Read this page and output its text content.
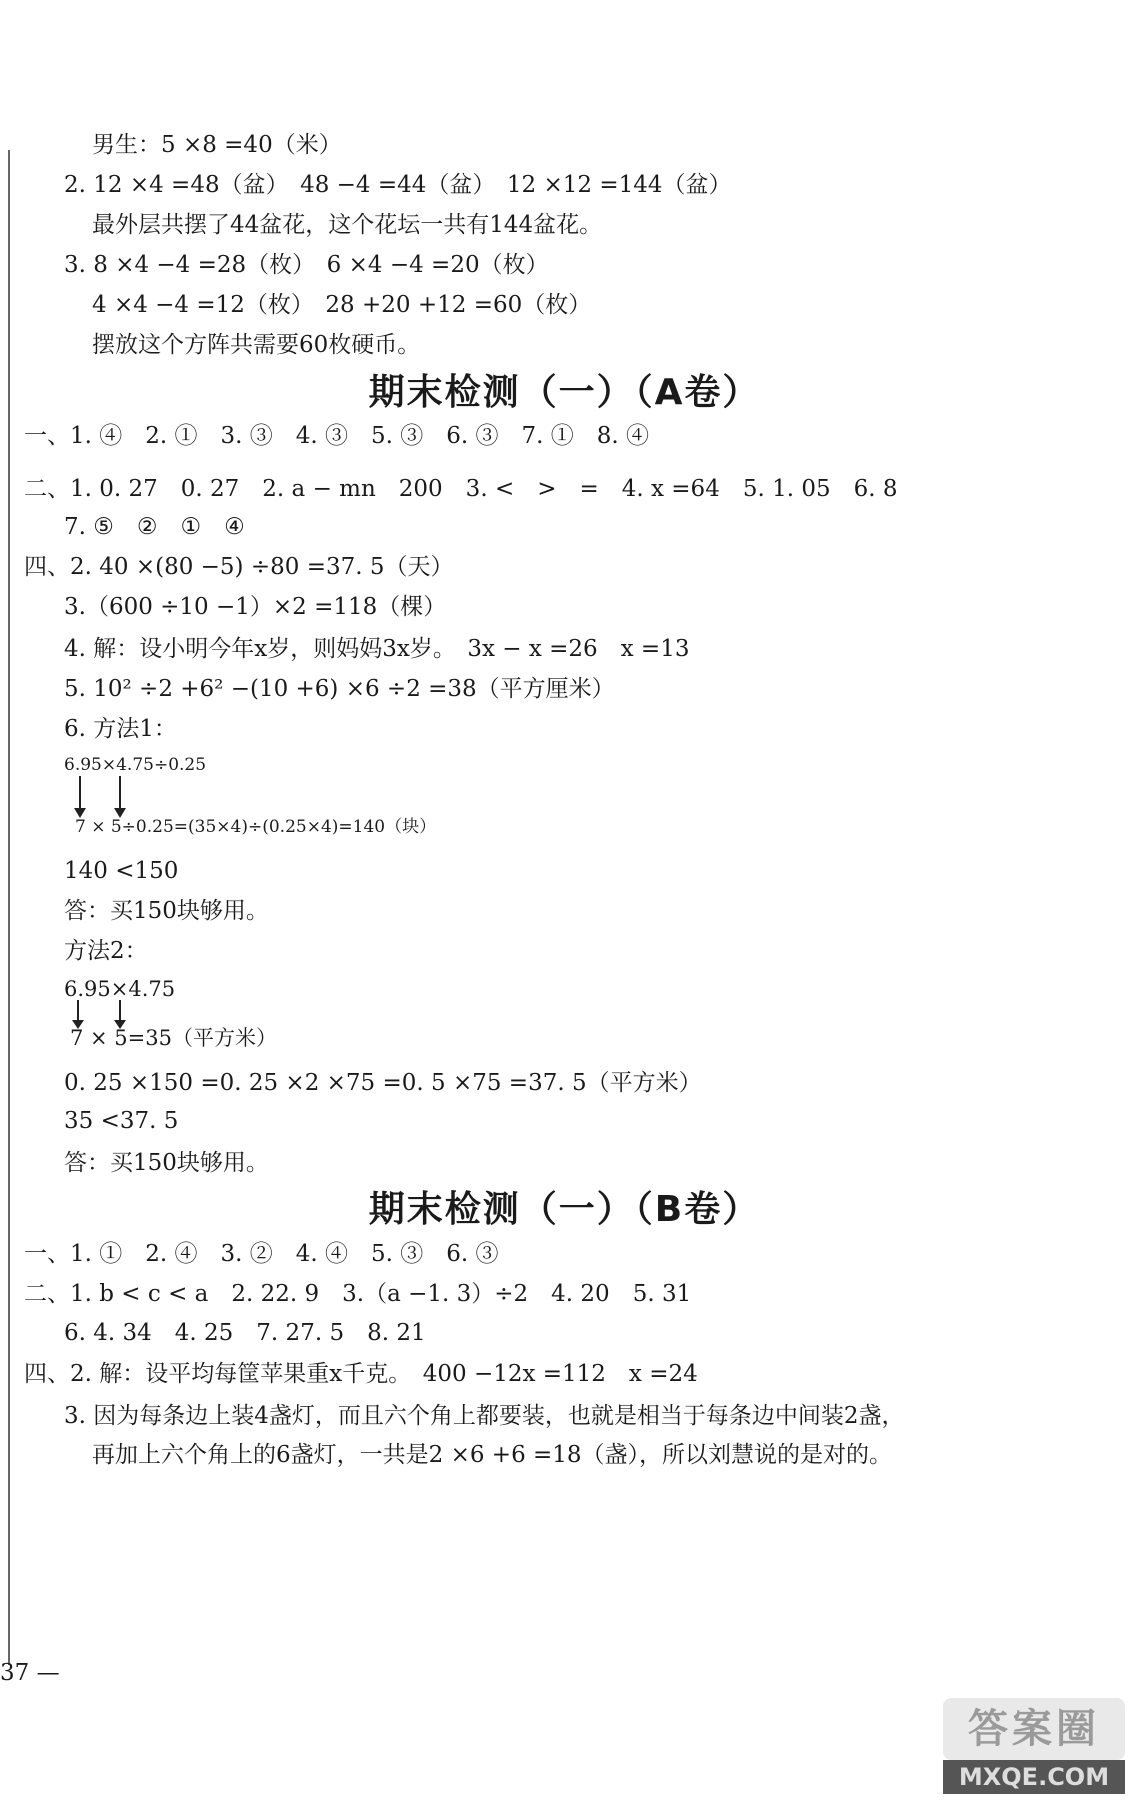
男生：5 ×8 =40（米）
2. 12 ×4 =48（盆）　48 −4 =44（盆）　12 ×12 =144（盆）
最外层共摆了44盆花，这个花坛一共有144盆花。
3. 8 ×4 −4 =28（枚）　6 ×4 −4 =20（枚）
4 ×4 −4 =12（枚）　28 +20 +12 =60（枚）
摆放这个方阵共需要60枚硬币。
期末检测（一）（A卷）
一、1. ④　2. ①　3. ③　4. ③　5. ③　6. ③　7. ①　8. ④
二、1. 0. 27　0. 27　2. a − mn　200　3. <　>　=　4. x =64　5. 1. 05　6. 8
7. ⑤　②　①　④
四、2. 40 ×(80 −5) ÷80 =37. 5（天）
3.（600 ÷10 −1）×2 =118（棵）
4. 解：设小明今年x岁，则妈妈3x岁。　3x − x =26　x =13
5. 10² ÷2 +6² −(10 +6) ×6 ÷2 =38（平方厘米）
6. 方法1：
6.95×4.75÷0.25
7 × 5÷0.25=(35×4)÷(0.25×4)=140（块）
140 <150
答：买150块够用。
方法2：
6.95×4.75
7 × 5=35（平方米）
0. 25 ×150 =0. 25 ×2 ×75 =0. 5 ×75 =37. 5（平方米）
35 <37. 5
答：买150块够用。
期末检测（一）（B卷）
一、1. ①　2. ④　3. ②　4. ④　5. ③　6. ③
二、1. b < c < a　2. 22. 9　3.（a −1. 3）÷2　4. 20　5. 31
6. 4. 34　4. 25　7. 27. 5　8. 21
四、2. 解：设平均每筐苹果重x千克。　400 −12x =112　x =24
3. 因为每条边上装4盏灯，而且六个角上都要装，也就是相当于每条边中间装2盏，
再加上六个角上的6盏灯，一共是2 ×6 +6 =18（盏），所以刘慧说的是对的。
37 —
答案圈
MXQE.COM
